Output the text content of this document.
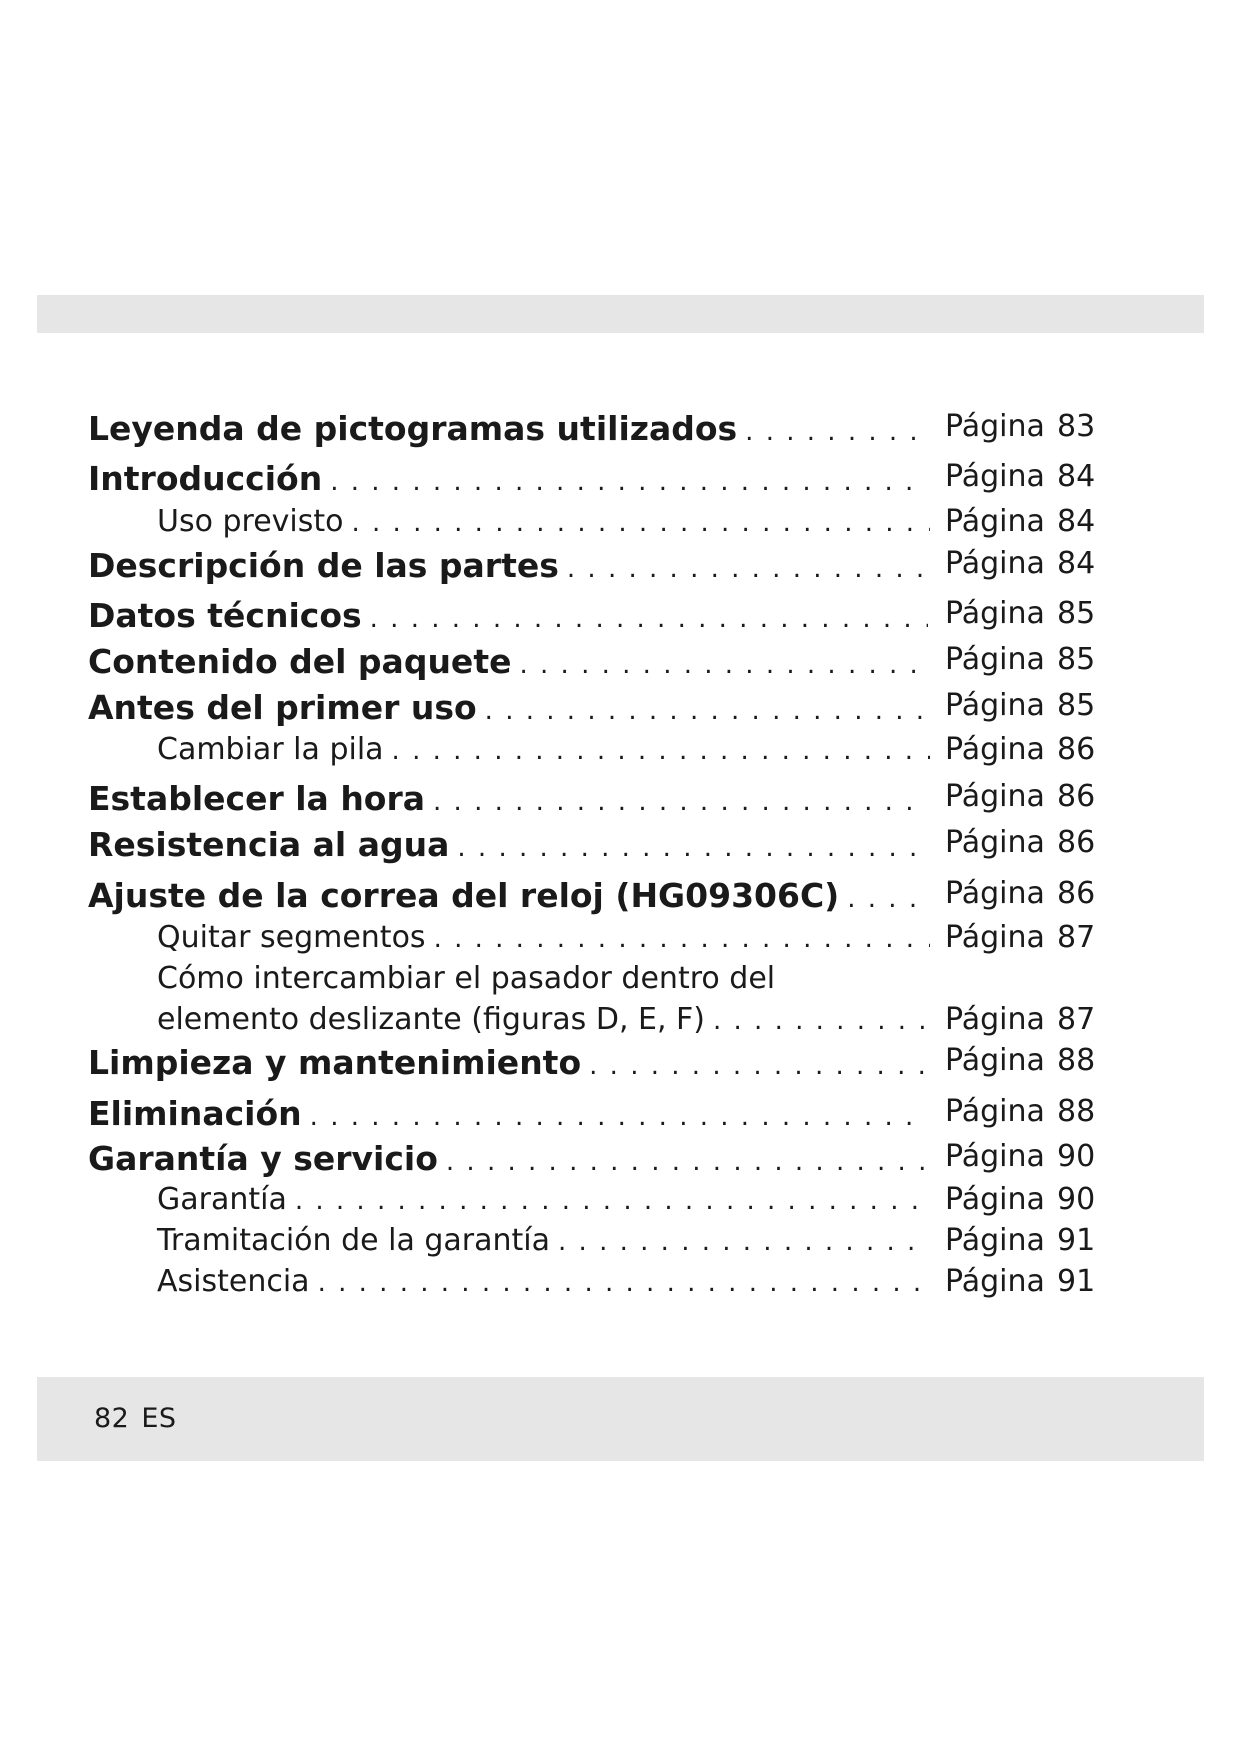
Leyenda de pictogramas utilizados . . .	Página 83
Introducción . . .	Página 84
Uso previsto . . .	Página 84
Descripción de las partes . . .	Página 84
Datos técnicos . . .	Página 85
Contenido del paquete . . .	Página 85
Antes del primer uso . . .	Página 85
Cambiar la pila . . .	Página 86
Establecer la hora . . .	Página 86
Resistencia al agua . . .	Página 86
Ajuste de la correa del reloj (HG09306C) . . .	Página 86
Quitar segmentos . . .	Página 87
Cómo intercambiar el pasador dentro del
elemento deslizante (figuras D, E, F) . . .	Página 87
Limpieza y mantenimiento . . .	Página 88
Eliminación . . .	Página 88
Garantía y servicio . . .	Página 90
Garantía . . .	Página 90
Tramitación de la garantía . . .	Página 91
Asistencia . . .	Página 91
82 ES
